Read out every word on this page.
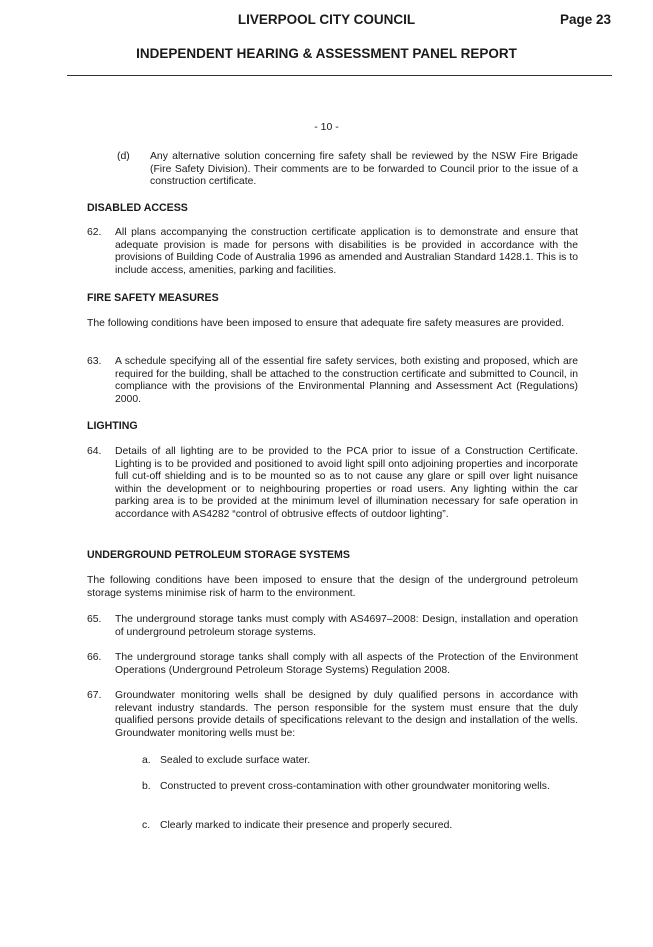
LIVERPOOL CITY COUNCIL	Page 23
INDEPENDENT HEARING & ASSESSMENT PANEL REPORT
- 10 -
(d) Any alternative solution concerning fire safety shall be reviewed by the NSW Fire Brigade (Fire Safety Division). Their comments are to be forwarded to Council prior to the issue of a construction certificate.
DISABLED ACCESS
62. All plans accompanying the construction certificate application is to demonstrate and ensure that adequate provision is made for persons with disabilities is be provided in accordance with the provisions of Building Code of Australia 1996 as amended and Australian Standard 1428.1. This is to include access, amenities, parking and facilities.
FIRE SAFETY MEASURES
The following conditions have been imposed to ensure that adequate fire safety measures are provided.
63. A schedule specifying all of the essential fire safety services, both existing and proposed, which are required for the building, shall be attached to the construction certificate and submitted to Council, in compliance with the provisions of the Environmental Planning and Assessment Act (Regulations) 2000.
LIGHTING
64. Details of all lighting are to be provided to the PCA prior to issue of a Construction Certificate. Lighting is to be provided and positioned to avoid light spill onto adjoining properties and incorporate full cut-off shielding and is to be mounted so as to not cause any glare or spill over light nuisance within the development or to neighbouring properties or road users. Any lighting within the car parking area is to be provided at the minimum level of illumination necessary for safe operation in accordance with AS4282 “control of obtrusive effects of outdoor lighting”.
UNDERGROUND PETROLEUM STORAGE SYSTEMS
The following conditions have been imposed to ensure that the design of the underground petroleum storage systems minimise risk of harm to the environment.
65. The underground storage tanks must comply with AS4697–2008: Design, installation and operation of underground petroleum storage systems.
66. The underground storage tanks shall comply with all aspects of the Protection of the Environment Operations (Underground Petroleum Storage Systems) Regulation 2008.
67. Groundwater monitoring wells shall be designed by duly qualified persons in accordance with relevant industry standards. The person responsible for the system must ensure that the duly qualified persons provide details of specifications relevant to the design and installation of the wells. Groundwater monitoring wells must be:
a. Sealed to exclude surface water.
b. Constructed to prevent cross-contamination with other groundwater monitoring wells.
c. Clearly marked to indicate their presence and properly secured.
